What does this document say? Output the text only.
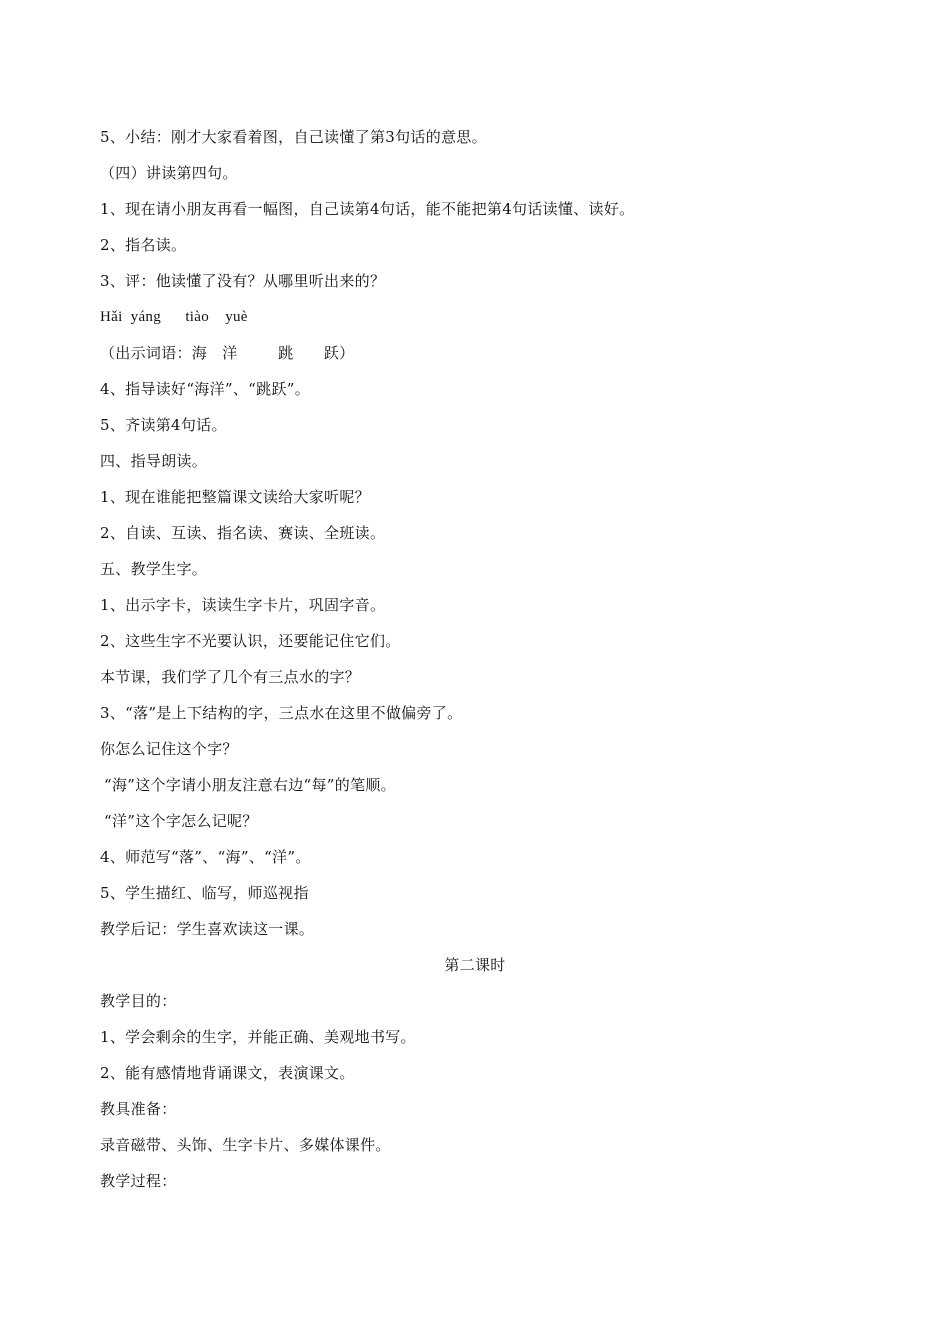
5、小结：刚才大家看着图，自己读懂了第3句话的意思。
（四）讲读第四句。
1、现在请小朋友再看一幅图，自己读第4句话，能不能把第4句话读懂、读好。
2、指名读。
3、评：他读懂了没有？从哪里听出来的？
Hǎi  yáng      tiào    yuè
（出示词语：海   洋        跳      跃）
4、指导读好“海洋”、“跳跃”。
5、齐读第4句话。
四、指导朗读。
1、现在谁能把整篇课文读给大家听呢？
2、自读、互读、指名读、赛读、全班读。
五、教学生字。
1、出示字卡，读读生字卡片，巩固字音。
2、这些生字不光要认识，还要能记住它们。
本节课，我们学了几个有三点水的字？
3、“落”是上下结构的字，三点水在这里不做偏旁了。
你怎么记住这个字？
“海”这个字请小朋友注意右边“每”的笔顺。
“洋”这个字怎么记呢？
4、师范写“落”、“海”、“洋”。
5、学生描红、临写，师巡视指
教学后记：学生喜欢读这一课。
第二课时
教学目的：
1、学会剩余的生字，并能正确、美观地书写。
2、能有感情地背诵课文，表演课文。
教具准备：
录音磁带、头饰、生字卡片、多媒体课件。
教学过程：
